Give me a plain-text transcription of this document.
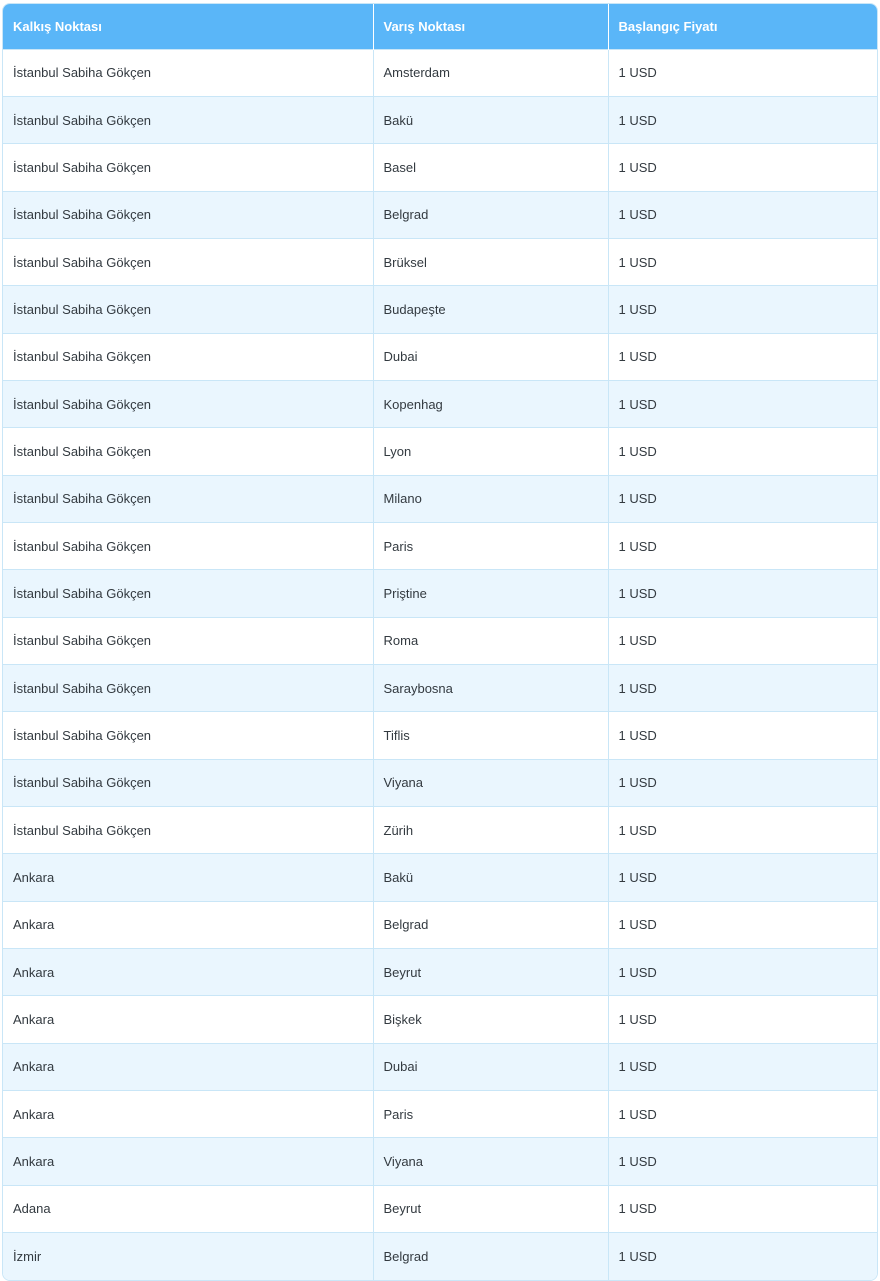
Kalkış Noktası	Varış Noktası	Başlangıç Fiyatı
İstanbul Sabiha Gökçen	Amsterdam	1 USD
İstanbul Sabiha Gökçen	Bakü	1 USD
İstanbul Sabiha Gökçen	Basel	1 USD
İstanbul Sabiha Gökçen	Belgrad	1 USD
İstanbul Sabiha Gökçen	Brüksel	1 USD
İstanbul Sabiha Gökçen	Budapeşte	1 USD
İstanbul Sabiha Gökçen	Dubai	1 USD
İstanbul Sabiha Gökçen	Kopenhag	1 USD
İstanbul Sabiha Gökçen	Lyon	1 USD
İstanbul Sabiha Gökçen	Milano	1 USD
İstanbul Sabiha Gökçen	Paris	1 USD
İstanbul Sabiha Gökçen	Priştine	1 USD
İstanbul Sabiha Gökçen	Roma	1 USD
İstanbul Sabiha Gökçen	Saraybosna	1 USD
İstanbul Sabiha Gökçen	Tiflis	1 USD
İstanbul Sabiha Gökçen	Viyana	1 USD
İstanbul Sabiha Gökçen	Zürih	1 USD
Ankara	Bakü	1 USD
Ankara	Belgrad	1 USD
Ankara	Beyrut	1 USD
Ankara	Bişkek	1 USD
Ankara	Dubai	1 USD
Ankara	Paris	1 USD
Ankara	Viyana	1 USD
Adana	Beyrut	1 USD
İzmir	Belgrad	1 USD
